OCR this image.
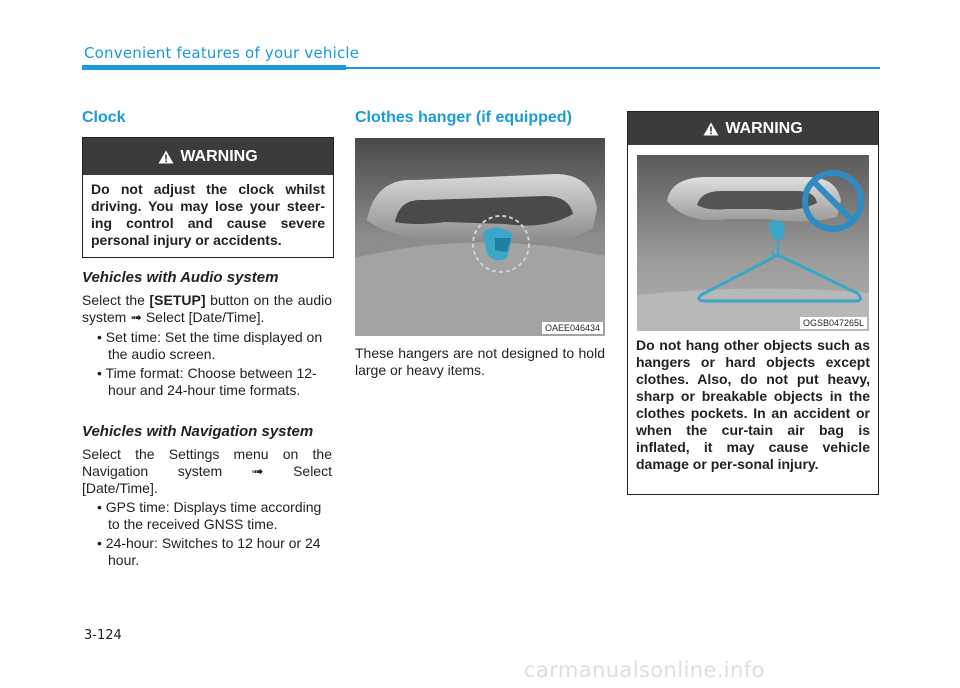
Convenient features of your vehicle
Clock
WARNING
Do not adjust the clock whilst driving. You may lose your steer-ing control and cause severe personal injury or accidents.
Vehicles with Audio system

Select the [SETUP] button on the audio system ➟ Select [Date/Time].

• Set time: Set the time displayed on the audio screen.
• Time format: Choose between 12-hour and 24-hour time formats.
Vehicles with Navigation system

Select the Settings menu on the Navigation system ➟ Select [Date/Time].

• GPS time: Displays time according to the received GNSS time.
• 24-hour: Switches to 12 hour or 24 hour.
Clothes hanger (if equipped)
OAEE046434

These hangers are not designed to hold large or heavy items.

WARNING
OGSB047265L
Do not hang other objects such as hangers or hard objects except clothes. Also, do not put heavy, sharp or breakable objects in the clothes pockets. In an accident or when the cur-tain air bag is inflated, it may cause vehicle damage or per-sonal injury.
3-124
carmanualsonline.info
